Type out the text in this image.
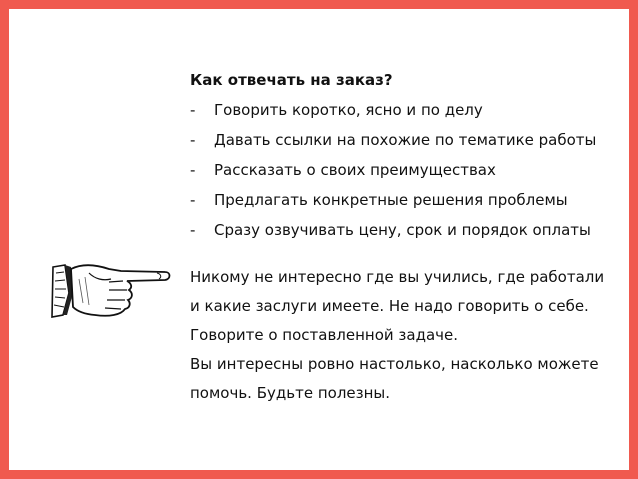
Как отвечать на заказ?
-	Говорить коротко, ясно и по делу
-	Давать ссылки на похожие по тематике работы
-	Рассказать о своих преимуществах
-	Предлагать конкретные решения проблемы
-	Сразу озвучивать цену, срок и порядок оплаты
Никому не интересно где вы учились, где работали
и какие заслуги имеете. Не надо говорить о себе.
Говорите о поставленной задаче.
Вы интересны ровно настолько, насколько можете
помочь. Будьте полезны.
